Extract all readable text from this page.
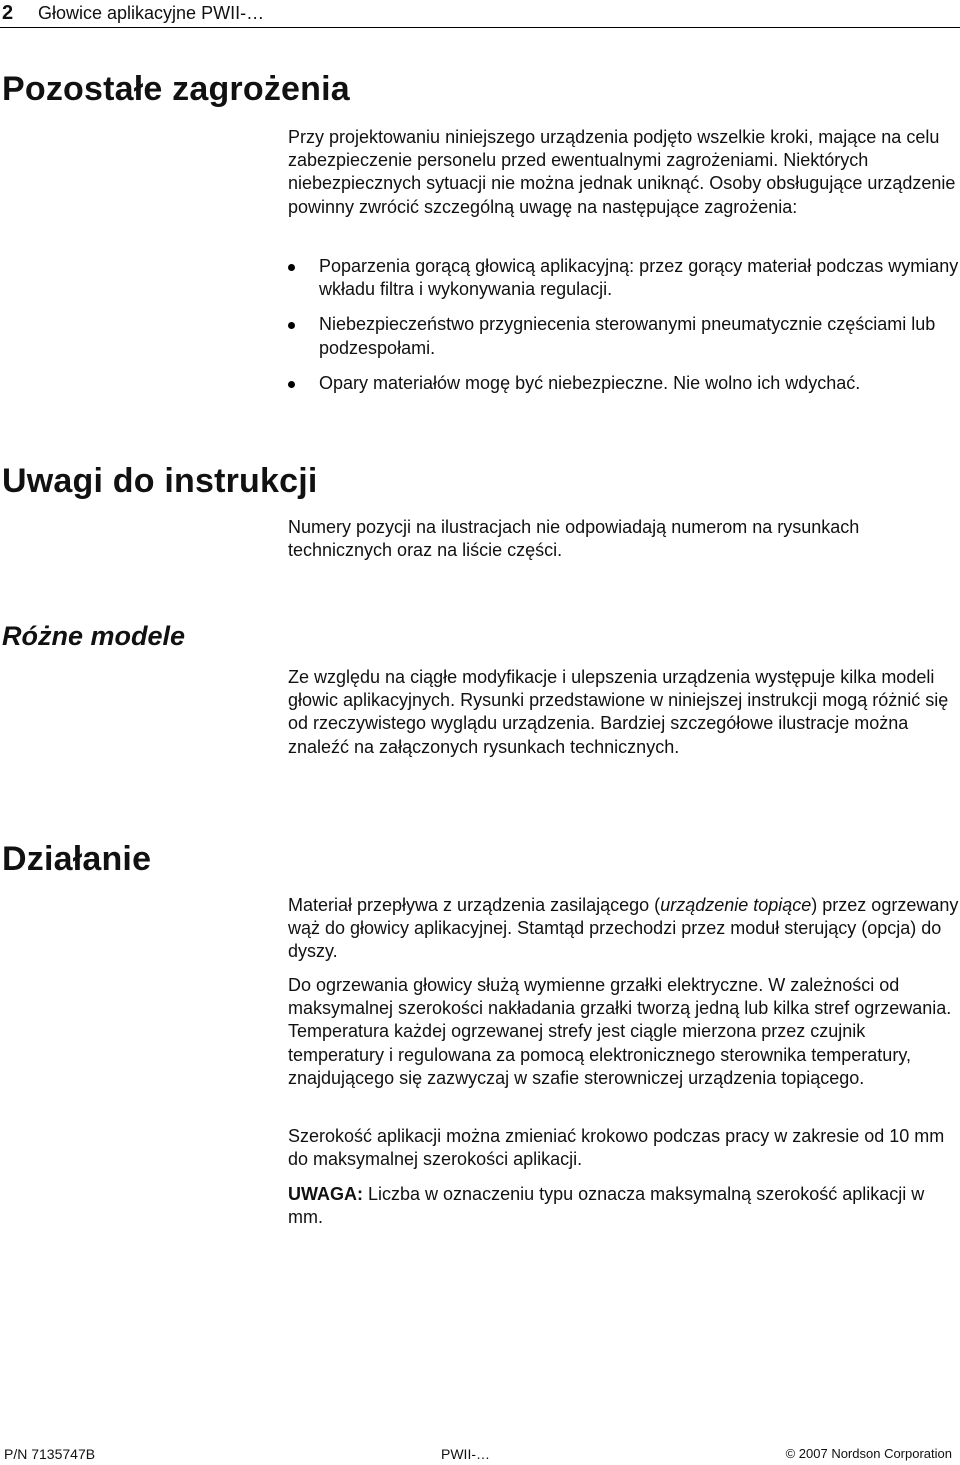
2 Głowice aplikacyjne PWII-…
Pozostałe zagrożenia

Przy projektowaniu niniejszego urządzenia podjęto wszelkie kroki, mające na celu zabezpieczenie personelu przed ewentualnymi zagrożeniami. Niektórych niebezpiecznych sytuacji nie można jednak uniknąć. Osoby obsługujące urządzenie powinny zwrócić szczególną uwagę na następujące zagrożenia:

Poparzenia gorącą głowicą aplikacyjną: przez gorący materiał podczas wymiany wkładu filtra i wykonywania regulacji.
Niebezpieczeństwo przygniecenia sterowanymi pneumatycznie częściami lub podzespołami.
Opary materiałów mogę być niebezpieczne. Nie wolno ich wdychać.
Uwagi do instrukcji

Numery pozycji na ilustracjach nie odpowiadają numerom na rysunkach technicznych oraz na liście części.

Różne modele

Ze względu na ciągłe modyfikacje i ulepszenia urządzenia występuje kilka modeli głowic aplikacyjnych. Rysunki przedstawione w niniejszej instrukcji mogą różnić się od rzeczywistego wyglądu urządzenia. Bardziej szczegółowe ilustracje można znaleźć na załączonych rysunkach technicznych.

Działanie

Materiał przepływa z urządzenia zasilającego (urządzenie topiące) przez ogrzewany wąż do głowicy aplikacyjnej. Stamtąd przechodzi przez moduł sterujący (opcja) do dyszy.

Do ogrzewania głowicy służą wymienne grzałki elektryczne. W zależności od maksymalnej szerokości nakładania grzałki tworzą jedną lub kilka stref ogrzewania. Temperatura każdej ogrzewanej strefy jest ciągle mierzona przez czujnik temperatury i regulowana za pomocą elektronicznego sterownika temperatury, znajdującego się zazwyczaj w szafie sterowniczej urządzenia topiącego.

Szerokość aplikacji można zmieniać krokowo podczas pracy w zakresie od 10 mm do maksymalnej szerokości aplikacji.

UWAGA: Liczba w oznaczeniu typu oznacza maksymalną szerokość aplikacji w mm.

P/N 7135747B	PWII-…	© 2007 Nordson Corporation
